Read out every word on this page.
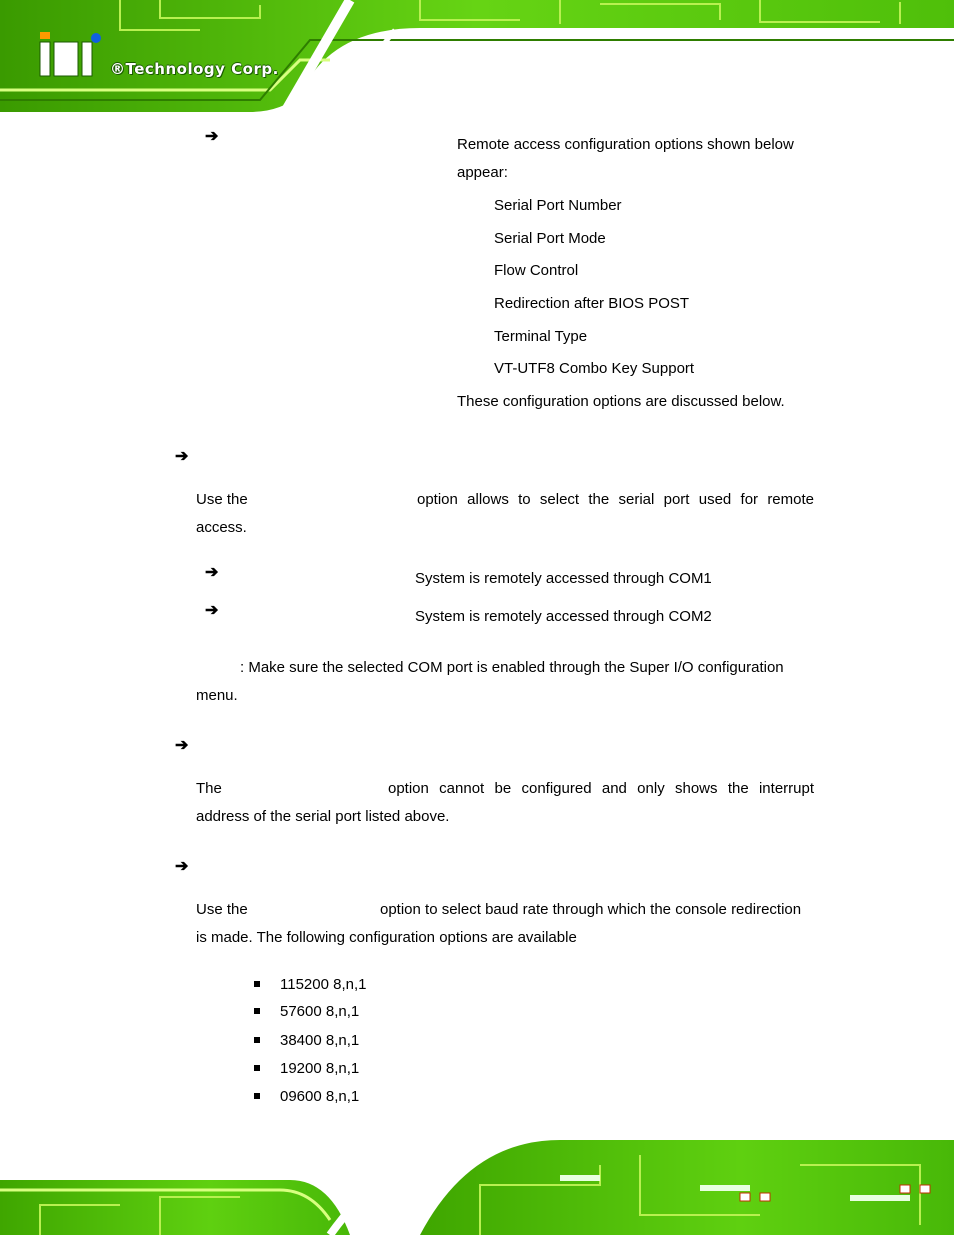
®Technology Corp.
➔	Remote access configuration options shown below
appear:
Serial Port Number
Serial Port Mode
Flow Control
Redirection after BIOS POST
Terminal Type
VT-UTF8 Combo Key Support
These configuration options are discussed below.
➔
Use the	option allows to select the serial port used for remote
access.
➔	System is remotely accessed through COM1
➔	System is remotely accessed through COM2
: Make sure the selected COM port is enabled through the Super I/O configuration
menu.
➔
The	option cannot be configured and only shows the interrupt
address of the serial port listed above.
➔
Use the	option to select baud rate through which the console redirection
is made. The following configuration options are available
115200 8,n,1
57600 8,n,1
38400 8,n,1
19200 8,n,1
09600 8,n,1
